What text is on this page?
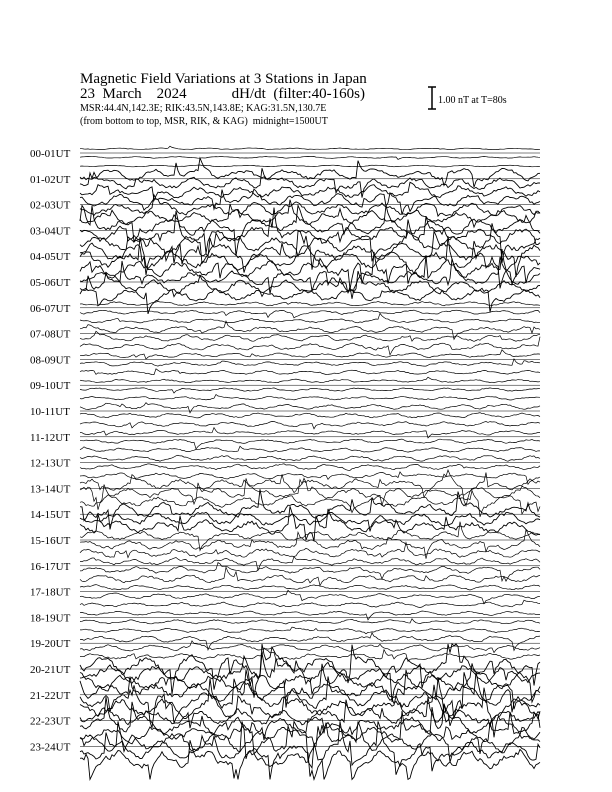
Magnetic Field Variations at 3 Stations in Japan
23 March 2024	dH/dt (filter:40-160s)
MSR:44.4N,142.3E; RIK:43.5N,143.8E; KAG:31.5N,130.7E
(from bottom to top, MSR, RIK, & KAG)  midnight=1500UT
1.00 nT at T=80s
00-01UT
01-02UT
02-03UT
03-04UT
04-05UT
05-06UT
06-07UT
07-08UT
08-09UT
09-10UT
10-11UT
11-12UT
12-13UT
13-14UT
14-15UT
15-16UT
16-17UT
17-18UT
18-19UT
19-20UT
20-21UT
21-22UT
22-23UT
23-24UT
